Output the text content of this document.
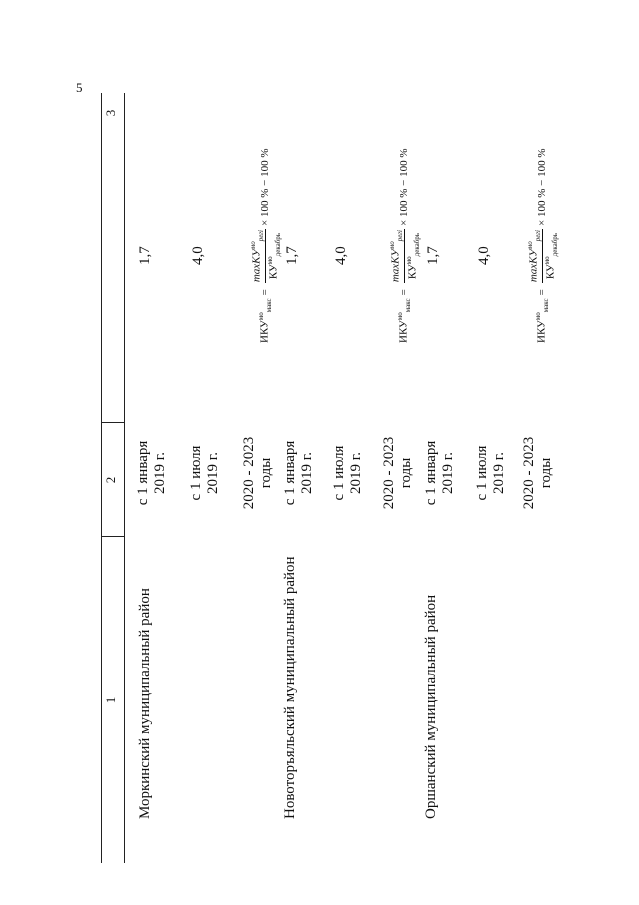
5
1
2
3
Моркинский муниципальный район
с 1 января 2019 г.
1,7
с 1 июля 2019 г.
4,0
2020 - 2023 годы
$ИКУ^{мо}_{макс}$
=
maxКУ$^{мо}_{регi}$
$КУ^{мо}_{декабрь}$
× 100 % − 100 %
Новоторъяльский муниципальный район
с 1 января 2019 г.
1,7
с 1 июля 2019 г.
4,0
2020 - 2023 годы
$ИКУ^{мо}_{макс}$
=
maxКУ$^{мо}_{регi}$
$КУ^{мо}_{декабрь}$
× 100 % − 100 %
Оршанский муниципальный район
с 1 января 2019 г.
1,7
с 1 июля 2019 г.
4,0
2020 - 2023 годы
$ИКУ^{мо}_{макс}$
=
maxКУ$^{мо}_{регi}$
$КУ^{мо}_{декабрь}$
× 100 % − 100 %
